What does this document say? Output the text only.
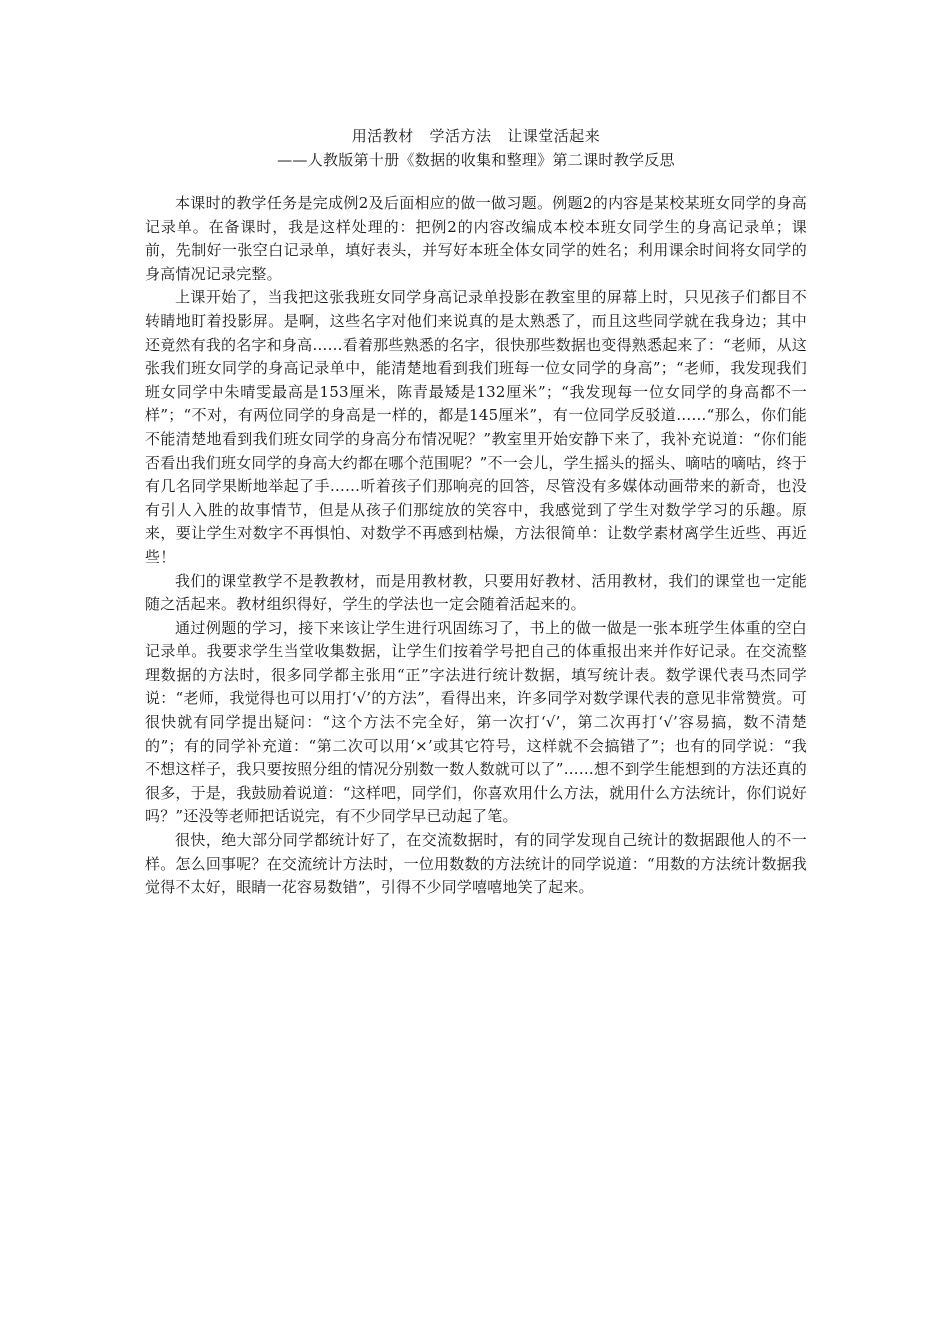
用活教材   学活方法   让课堂活起来
——人教版第十册《数据的收集和整理》第二课时教学反思

本课时的教学任务是完成例2及后面相应的做一做习题。例题2的内容是某校某班女同学的身高记录单。在备课时，我是这样处理的：把例2的内容改编成本校本班女同学生的身高记录单；课前，先制好一张空白记录单，填好表头，并写好本班全体女同学的姓名；利用课余时间将女同学的身高情况记录完整。

上课开始了，当我把这张我班女同学身高记录单投影在教室里的屏幕上时，只见孩子们都目不转睛地盯着投影屏。是啊，这些名字对他们来说真的是太熟悉了，而且这些同学就在我身边；其中还竟然有我的名字和身高……看着那些熟悉的名字，很快那些数据也变得熟悉起来了：“老师，从这张我们班女同学的身高记录单中，能清楚地看到我们班每一位女同学的身高”；“老师，我发现我们班女同学中朱晴雯最高是153厘米，陈青最矮是132厘米”；“我发现每一位女同学的身高都不一样”；“不对，有两位同学的身高是一样的，都是145厘米”，有一位同学反驳道……“那么，你们能不能清楚地看到我们班女同学的身高分布情况呢？”教室里开始安静下来了，我补充说道：“你们能否看出我们班女同学的身高大约都在哪个范围呢？”不一会儿，学生摇头的摇头、嘀咕的嘀咕，终于有几名同学果断地举起了手……听着孩子们那响亮的回答，尽管没有多媒体动画带来的新奇，也没有引人入胜的故事情节，但是从孩子们那绽放的笑容中，我感觉到了学生对数学学习的乐趣。原来，要让学生对数字不再惧怕、对数学不再感到枯燥，方法很简单：让数学素材离学生近些、再近些！

我们的课堂教学不是教教材，而是用教材教，只要用好教材、活用教材，我们的课堂也一定能随之活起来。教材组织得好，学生的学法也一定会随着活起来的。

通过例题的学习，接下来该让学生进行巩固练习了，书上的做一做是一张本班学生体重的空白记录单。我要求学生当堂收集数据，让学生们按着学号把自己的体重报出来并作好记录。在交流整理数据的方法时，很多同学都主张用“正”字法进行统计数据，填写统计表。数学课代表马杰同学说：“老师，我觉得也可以用打‘√’的方法”，看得出来，许多同学对数学课代表的意见非常赞赏。可很快就有同学提出疑问：“这个方法不完全好，第一次打‘√’，第二次再打‘√’容易搞，数不清楚的”；有的同学补充道：“第二次可以用‘×’或其它符号，这样就不会搞错了”；也有的同学说：“我不想这样子，我只要按照分组的情况分别数一数人数就可以了”……想不到学生能想到的方法还真的很多，于是，我鼓励着说道：“这样吧，同学们，你喜欢用什么方法，就用什么方法统计，你们说好吗？”还没等老师把话说完，有不少同学早已动起了笔。

很快，绝大部分同学都统计好了，在交流数据时，有的同学发现自己统计的数据跟他人的不一样。怎么回事呢？在交流统计方法时，一位用数数的方法统计的同学说道：“用数的方法统计数据我觉得不太好，眼睛一花容易数错”，引得不少同学嘻嘻地笑了起来。
